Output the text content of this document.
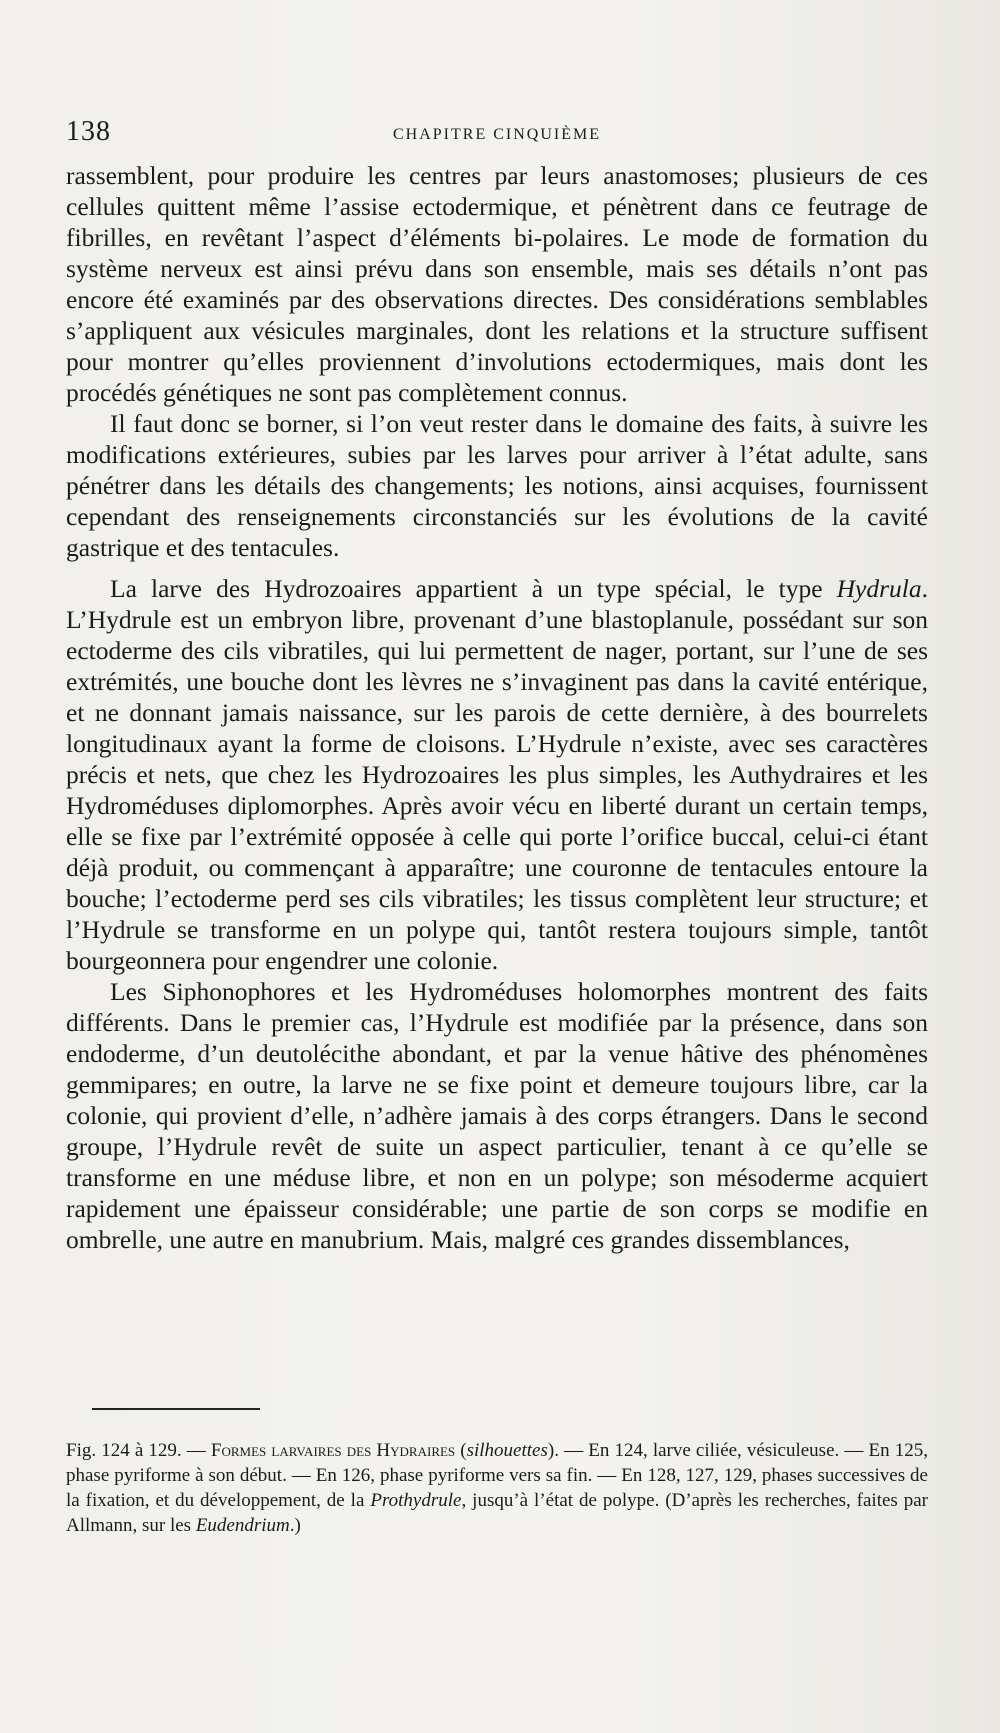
138	CHAPITRE CINQUIÈME

rassemblent, pour produire les centres par leurs anastomoses; plusieurs de ces cellules quittent même l’assise ectodermique, et pénètrent dans ce feutrage de fibrilles, en revêtant l’aspect d’éléments bi-polaires. Le mode de formation du système nerveux est ainsi prévu dans son ensemble, mais ses détails n’ont pas encore été examinés par des observations directes. Des considérations semblables s’appliquent aux vésicules marginales, dont les relations et la structure suffisent pour montrer qu’elles proviennent d’involutions ectodermiques, mais dont les procédés génétiques ne sont pas complètement connus.

Il faut donc se borner, si l’on veut rester dans le domaine des faits, à suivre les modifications extérieures, subies par les larves pour arriver à l’état adulte, sans pénétrer dans les détails des changements; les notions, ainsi acquises, fournissent cependant des renseignements circonstanciés sur les évolutions de la cavité gastrique et des tentacules.

La larve des Hydrozoaires appartient à un type spécial, le type Hydrula. L’Hydrule est un embryon libre, provenant d’une blastoplanule, possédant sur son ectoderme des cils vibratiles, qui lui permettent de nager, portant, sur l’une de ses extrémités, une bouche dont les lèvres ne s’invaginent pas dans la cavité entérique, et ne donnant jamais naissance, sur les parois de cette dernière, à des bourrelets longitudinaux ayant la forme de cloisons. L’Hydrule n’existe, avec ses caractères précis et nets, que chez les Hydrozoaires les plus simples, les Authydraires et les Hydroméduses diplomorphes. Après avoir vécu en liberté durant un certain temps, elle se fixe par l’extrémité opposée à celle qui porte l’orifice buccal, celui-ci étant déjà produit, ou commençant à apparaître; une couronne de tentacules entoure la bouche; l’ectoderme perd ses cils vibratiles; les tissus complètent leur structure; et l’Hydrule se transforme en un polype qui, tantôt restera toujours simple, tantôt bourgeonnera pour engendrer une colonie.

Les Siphonophores et les Hydroméduses holomorphes montrent des faits différents. Dans le premier cas, l’Hydrule est modifiée par la présence, dans son endoderme, d’un deutolécithe abondant, et par la venue hâtive des phénomènes gemmipares; en outre, la larve ne se fixe point et demeure toujours libre, car la colonie, qui provient d’elle, n’adhère jamais à des corps étrangers. Dans le second groupe, l’Hydrule revêt de suite un aspect particulier, tenant à ce qu’elle se transforme en une méduse libre, et non en un polype; son mésoderme acquiert rapidement une épaisseur considérable; une partie de son corps se modifie en ombrelle, une autre en manubrium. Mais, malgré ces grandes dissemblances,

Fig. 124 à 129. — Formes larvaires des Hydraires (silhouettes). — En 124, larve ciliée, vésiculeuse. — En 125, phase pyriforme à son début. — En 126, phase pyriforme vers sa fin. — En 128, 127, 129, phases successives de la fixation, et du développement, de la Prothydrule, jusqu’à l’état de polype. (D’après les recherches, faites par Allmann, sur les Eudendrium.)
